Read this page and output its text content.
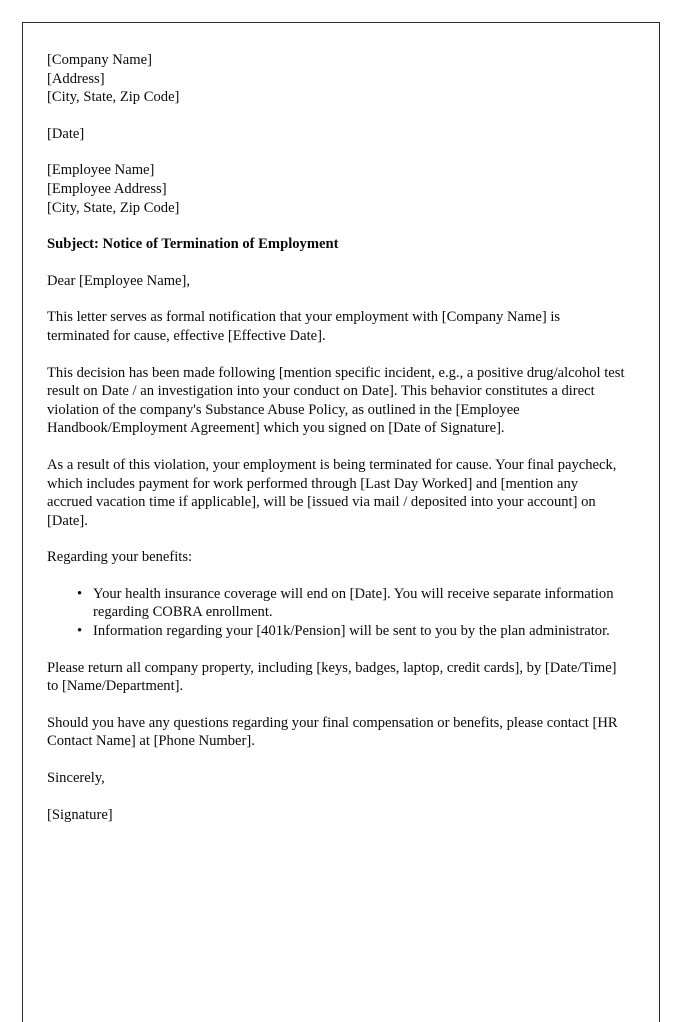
[Company Name]
[Address]
[City, State, Zip Code]
[Date]
[Employee Name]
[Employee Address]
[City, State, Zip Code]
Subject: Notice of Termination of Employment
Dear [Employee Name],

This letter serves as formal notification that your employment with [Company Name] is terminated for cause, effective [Effective Date].

This decision has been made following [mention specific incident, e.g., a positive drug/alcohol test result on Date / an investigation into your conduct on Date]. This behavior constitutes a direct violation of the company's Substance Abuse Policy, as outlined in the [Employee Handbook/Employment Agreement] which you signed on [Date of Signature].

As a result of this violation, your employment is being terminated for cause. Your final paycheck, which includes payment for work performed through [Last Day Worked] and [mention any accrued vacation time if applicable], will be [issued via mail / deposited into your account] on [Date].

Regarding your benefits:
• Your health insurance coverage will end on [Date]. You will receive separate information regarding COBRA enrollment.
• Information regarding your [401k/Pension] will be sent to you by the plan administrator.

Please return all company property, including [keys, badges, laptop, credit cards], by [Date/Time] to [Name/Department].

Should you have any questions regarding your final compensation or benefits, please contact [HR Contact Name] at [Phone Number].

Sincerely,
[Signature]
